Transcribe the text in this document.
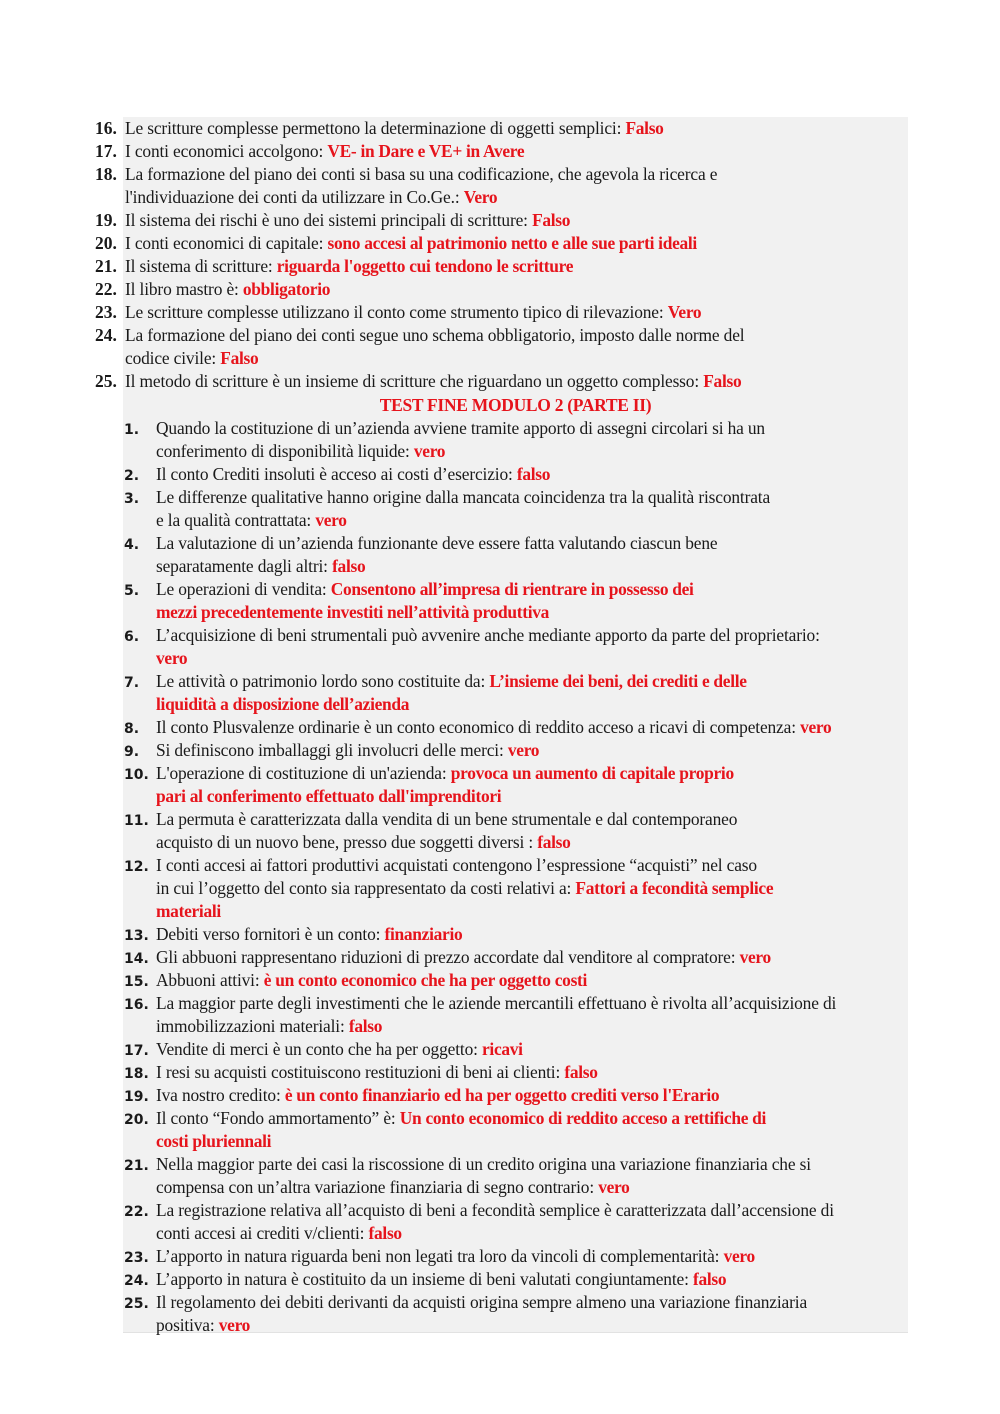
TEST FINE MODULO 2 (PARTE II)
16. Le scritture complesse permettono la determinazione di oggetti semplici: Falso
17. I conti economici accolgono: VE- in Dare e VE+ in Avere
18. La formazione del piano dei conti si basa su una codificazione, che agevola la ricerca e
l'individuazione dei conti da utilizzare in Co.Ge.: Vero
19. Il sistema dei rischi è uno dei sistemi principali di scritture: Falso
20. I conti economici di capitale: sono accesi al patrimonio netto e alle sue parti ideali
21. Il sistema di scritture: riguarda l'oggetto cui tendono le scritture
22. Il libro mastro è: obbligatorio
23. Le scritture complesse utilizzano il conto come strumento tipico di rilevazione: Vero
24. La formazione del piano dei conti segue uno schema obbligatorio, imposto dalle norme del
codice civile: Falso
25. Il metodo di scritture è un insieme di scritture che riguardano un oggetto complesso: Falso
1. Quando la costituzione di un’azienda avviene tramite apporto di assegni circolari si ha un
conferimento di disponibilità liquide: vero
2. Il conto Crediti insoluti è acceso ai costi d’esercizio: falso
3. Le differenze qualitative hanno origine dalla mancata coincidenza tra la qualità riscontrata
e la qualità contrattata: vero
4. La valutazione di un’azienda funzionante deve essere fatta valutando ciascun bene
separatamente dagli altri: falso
5. Le operazioni di vendita: Consentono all’impresa di rientrare in possesso dei
mezzi precedentemente investiti nell’attività produttiva
6. L’acquisizione di beni strumentali può avvenire anche mediante apporto da parte del proprietario:
vero
7. Le attività o patrimonio lordo sono costituite da: L’insieme dei beni, dei crediti e delle
liquidità a disposizione dell’azienda
8. Il conto Plusvalenze ordinarie è un conto economico di reddito acceso a ricavi di competenza: vero
9. Si definiscono imballaggi gli involucri delle merci: vero
10. L'operazione di costituzione di un'azienda: provoca un aumento di capitale proprio
pari al conferimento effettuato dall'imprenditori
11. La permuta è caratterizzata dalla vendita di un bene strumentale e dal contemporaneo
acquisto di un nuovo bene, presso due soggetti diversi : falso
12. I conti accesi ai fattori produttivi acquistati contengono l’espressione “acquisti” nel caso
in cui l’oggetto del conto sia rappresentato da costi relativi a: Fattori a fecondità semplice
materiali
13. Debiti verso fornitori è un conto: finanziario
14. Gli abbuoni rappresentano riduzioni di prezzo accordate dal venditore al compratore: vero
15. Abbuoni attivi: è un conto economico che ha per oggetto costi
16. La maggior parte degli investimenti che le aziende mercantili effettuano è rivolta all’acquisizione di
immobilizzazioni materiali: falso
17. Vendite di merci è un conto che ha per oggetto: ricavi
18. I resi su acquisti costituiscono restituzioni di beni ai clienti: falso
19. Iva nostro credito: è un conto finanziario ed ha per oggetto crediti verso l'Erario
20. Il conto “Fondo ammortamento” è: Un conto economico di reddito acceso a rettifiche di
costi pluriennali
21. Nella maggior parte dei casi la riscossione di un credito origina una variazione finanziaria che si
compensa con un’altra variazione finanziaria di segno contrario: vero
22. La registrazione relativa all’acquisto di beni a fecondità semplice è caratterizzata dall’accensione di
conti accesi ai crediti v/clienti: falso
23. L’apporto in natura riguarda beni non legati tra loro da vincoli di complementarità: vero
24. L’apporto in natura è costituito da un insieme di beni valutati congiuntamente: falso
25. Il regolamento dei debiti derivanti da acquisti origina sempre almeno una variazione finanziaria
positiva: vero
